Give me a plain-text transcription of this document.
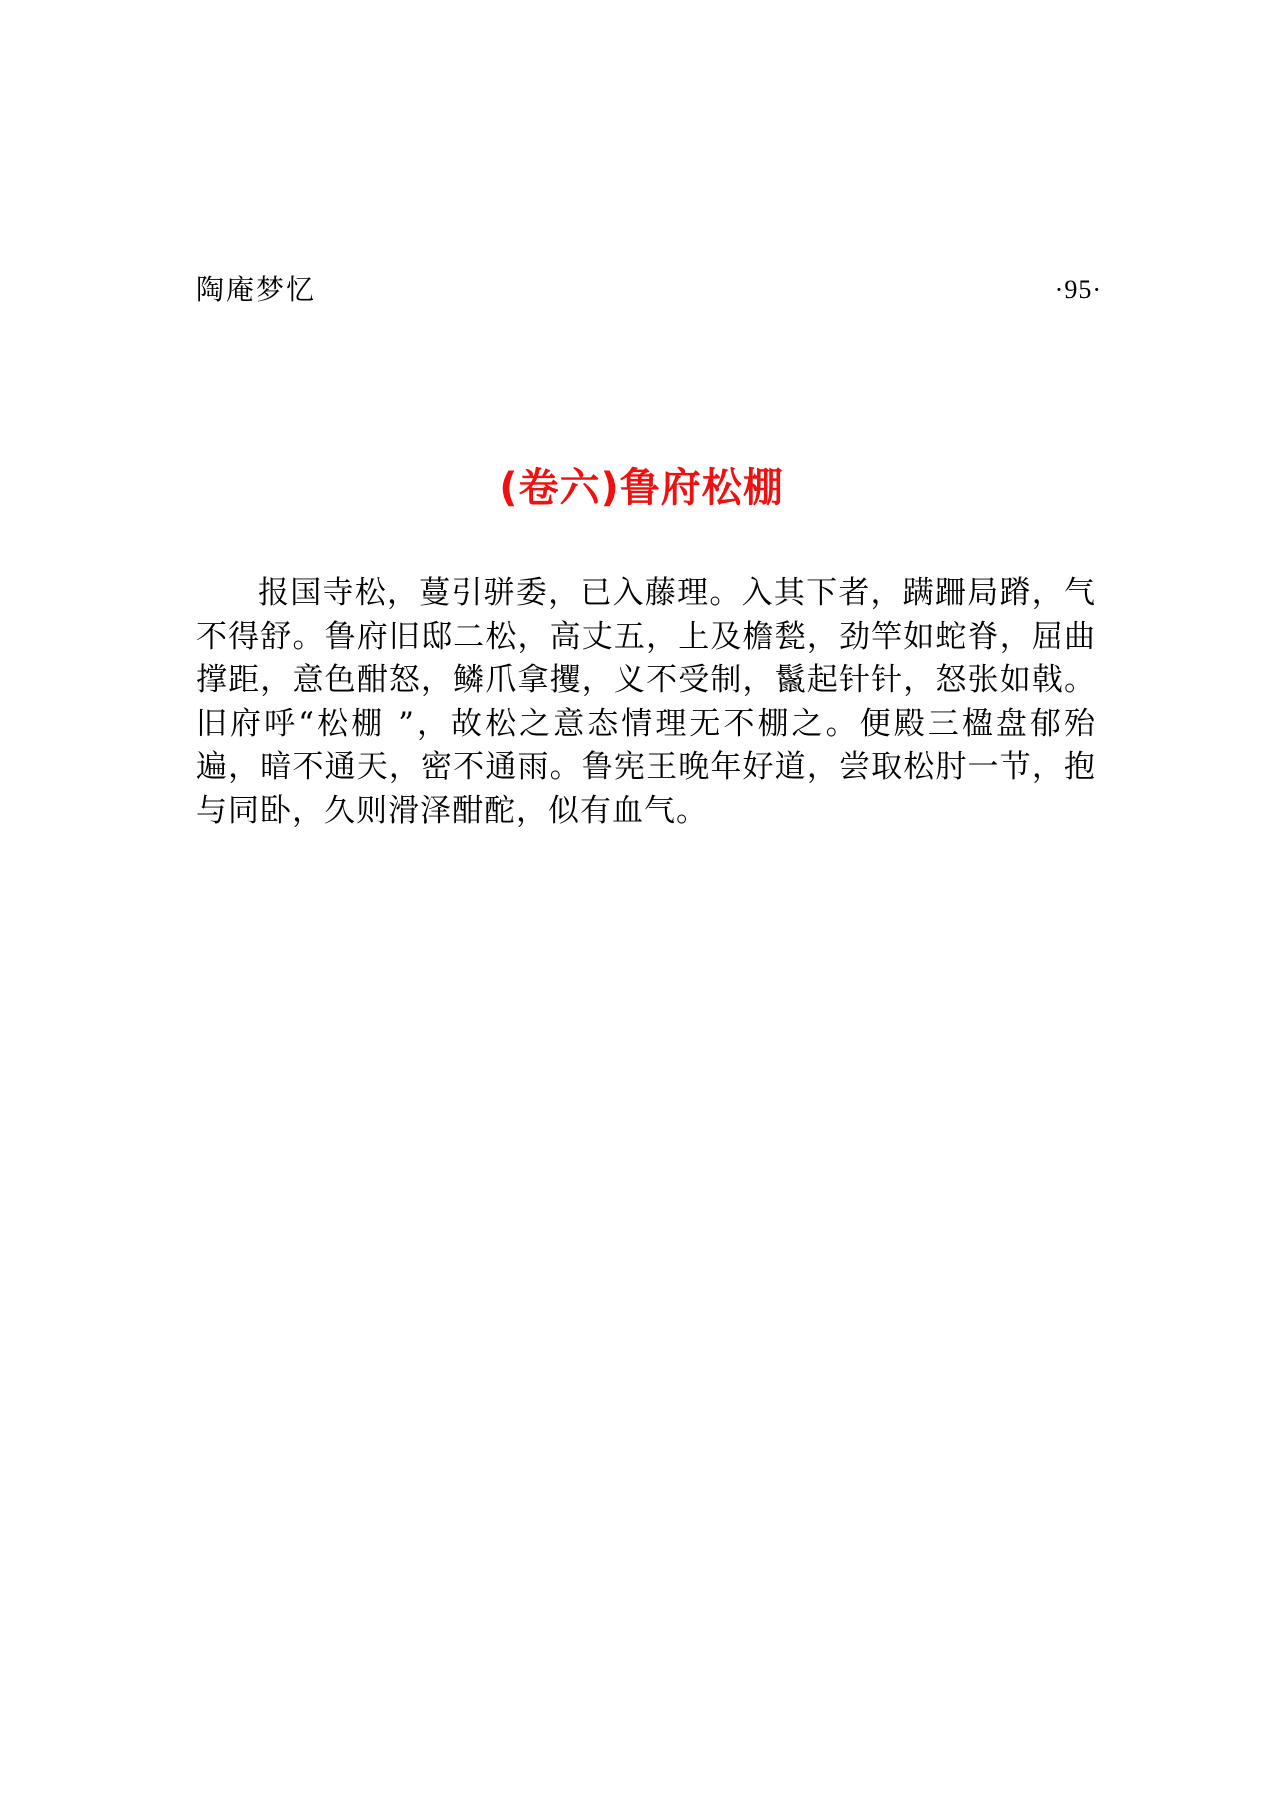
陶庵梦忆	·95·
(卷六)鲁府松棚

报国寺松，蔓引骈委，已入藤理。入其下者，蹒跚局蹐，气不得舒。鲁府旧邸二松，高丈五，上及檐甃，劲竿如蛇脊，屈曲撑距，意色酣怒，鳞爪拿攫，义不受制，鬣起针针，怒张如戟。旧府呼“松棚 ”，故松之意态情理无不棚之。便殿三楹盘郁殆遍，暗不通天，密不通雨。鲁宪王晚年好道，尝取松肘一节，抱与同卧，久则滑泽酣酡，似有血气。
